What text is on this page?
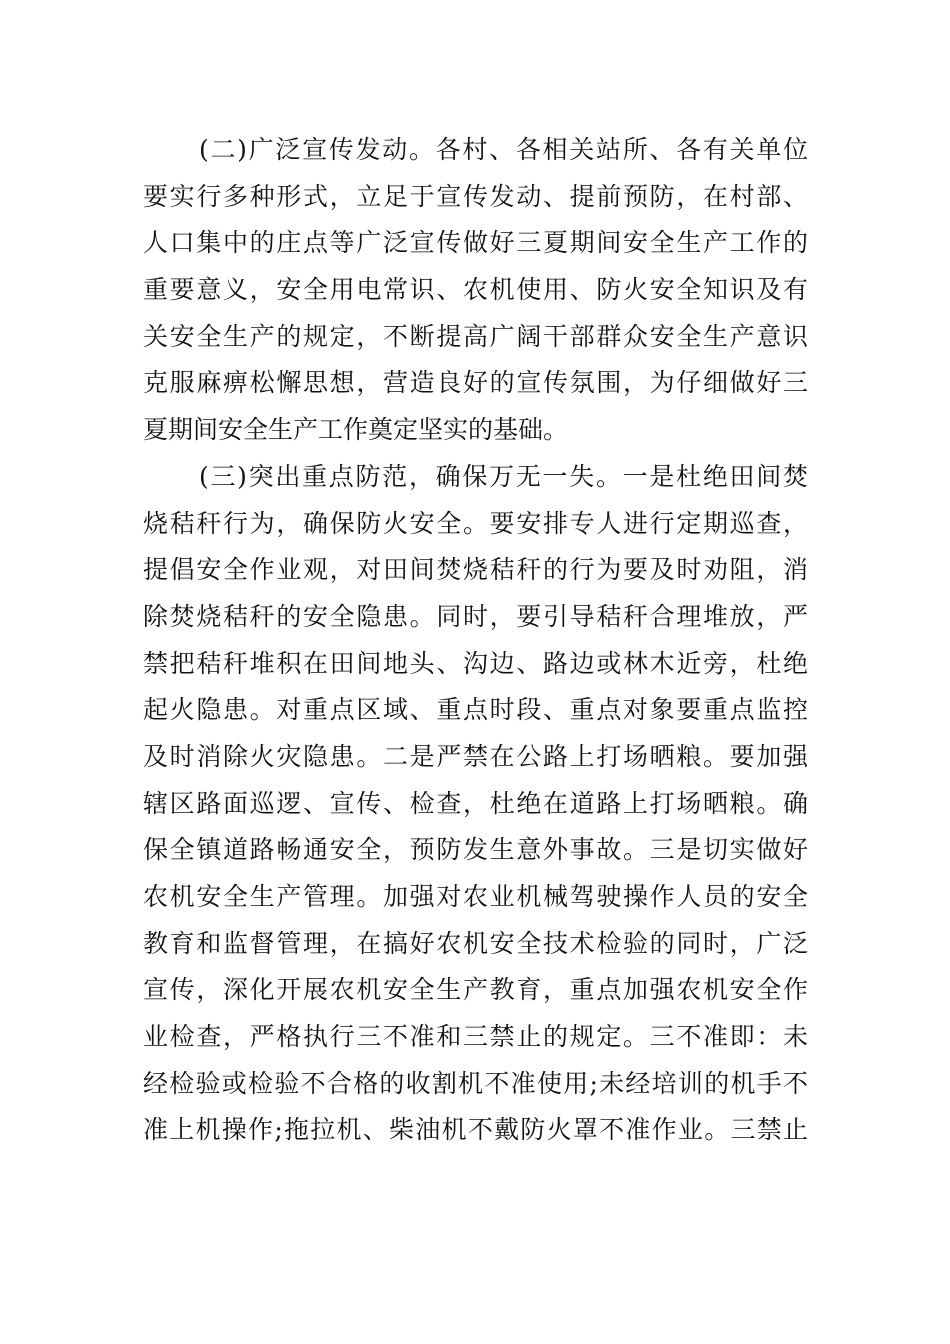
(二)广泛宣传发动。各村、各相关站所、各有关单位
要实行多种形式，立足于宣传发动、提前预防，在村部、
人口集中的庄点等广泛宣传做好三夏期间安全生产工作的
重要意义，安全用电常识、农机使用、防火安全知识及有
关安全生产的规定，不断提高广阔干部群众安全生产意识
克服麻痹松懈思想，营造良好的宣传氛围，为仔细做好三
夏期间安全生产工作奠定坚实的基础。
(三)突出重点防范，确保万无一失。一是杜绝田间焚
烧秸秆行为，确保防火安全。要安排专人进行定期巡查，
提倡安全作业观，对田间焚烧秸秆的行为要及时劝阻，消
除焚烧秸秆的安全隐患。同时，要引导秸秆合理堆放，严
禁把秸秆堆积在田间地头、沟边、路边或林木近旁，杜绝
起火隐患。对重点区域、重点时段、重点对象要重点监控
及时消除火灾隐患。二是严禁在公路上打场晒粮。要加强
辖区路面巡逻、宣传、检查，杜绝在道路上打场晒粮。确
保全镇道路畅通安全，预防发生意外事故。三是切实做好
农机安全生产管理。加强对农业机械驾驶操作人员的安全
教育和监督管理，在搞好农机安全技术检验的同时，广泛
宣传，深化开展农机安全生产教育，重点加强农机安全作
业检查，严格执行三不准和三禁止的规定。三不准即：未
经检验或检验不合格的收割机不准使用;未经培训的机手不
准上机操作;拖拉机、柴油机不戴防火罩不准作业。三禁止
